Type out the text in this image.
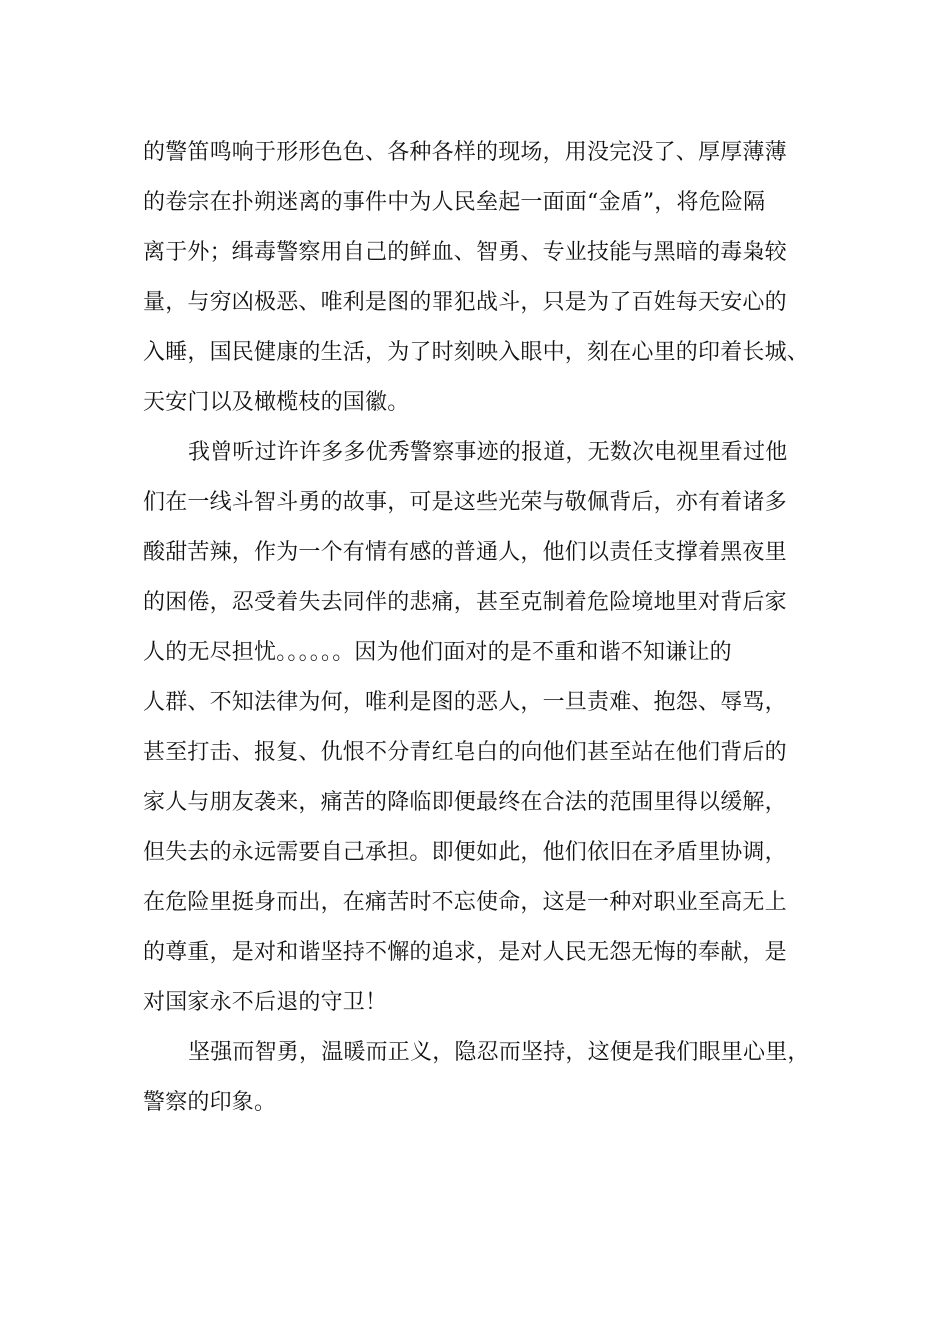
的警笛鸣响于形形色色、各种各样的现场，用没完没了、厚厚薄薄
的卷宗在扑朔迷离的事件中为人民垒起一面面“金盾”，将危险隔
离于外；缉毒警察用自己的鲜血、智勇、专业技能与黑暗的毒枭较
量，与穷凶极恶、唯利是图的罪犯战斗，只是为了百姓每天安心的
入睡，国民健康的生活，为了时刻映入眼中，刻在心里的印着长城、
天安门以及橄榄枝的国徽。
我曾听过许许多多优秀警察事迹的报道，无数次电视里看过他
们在一线斗智斗勇的故事，可是这些光荣与敬佩背后，亦有着诸多
酸甜苦辣，作为一个有情有感的普通人，他们以责任支撑着黑夜里
的困倦，忍受着失去同伴的悲痛，甚至克制着危险境地里对背后家
人的无尽担忧。。。。。。因为他们面对的是不重和谐不知谦让的
人群、不知法律为何，唯利是图的恶人，一旦责难、抱怨、辱骂，
甚至打击、报复、仇恨不分青红皂白的向他们甚至站在他们背后的
家人与朋友袭来，痛苦的降临即便最终在合法的范围里得以缓解，
但失去的永远需要自己承担。即便如此，他们依旧在矛盾里协调，
在危险里挺身而出，在痛苦时不忘使命，这是一种对职业至高无上
的尊重，是对和谐坚持不懈的追求，是对人民无怨无悔的奉献，是
对国家永不后退的守卫！
坚强而智勇，温暖而正义，隐忍而坚持，这便是我们眼里心里，
警察的印象。
